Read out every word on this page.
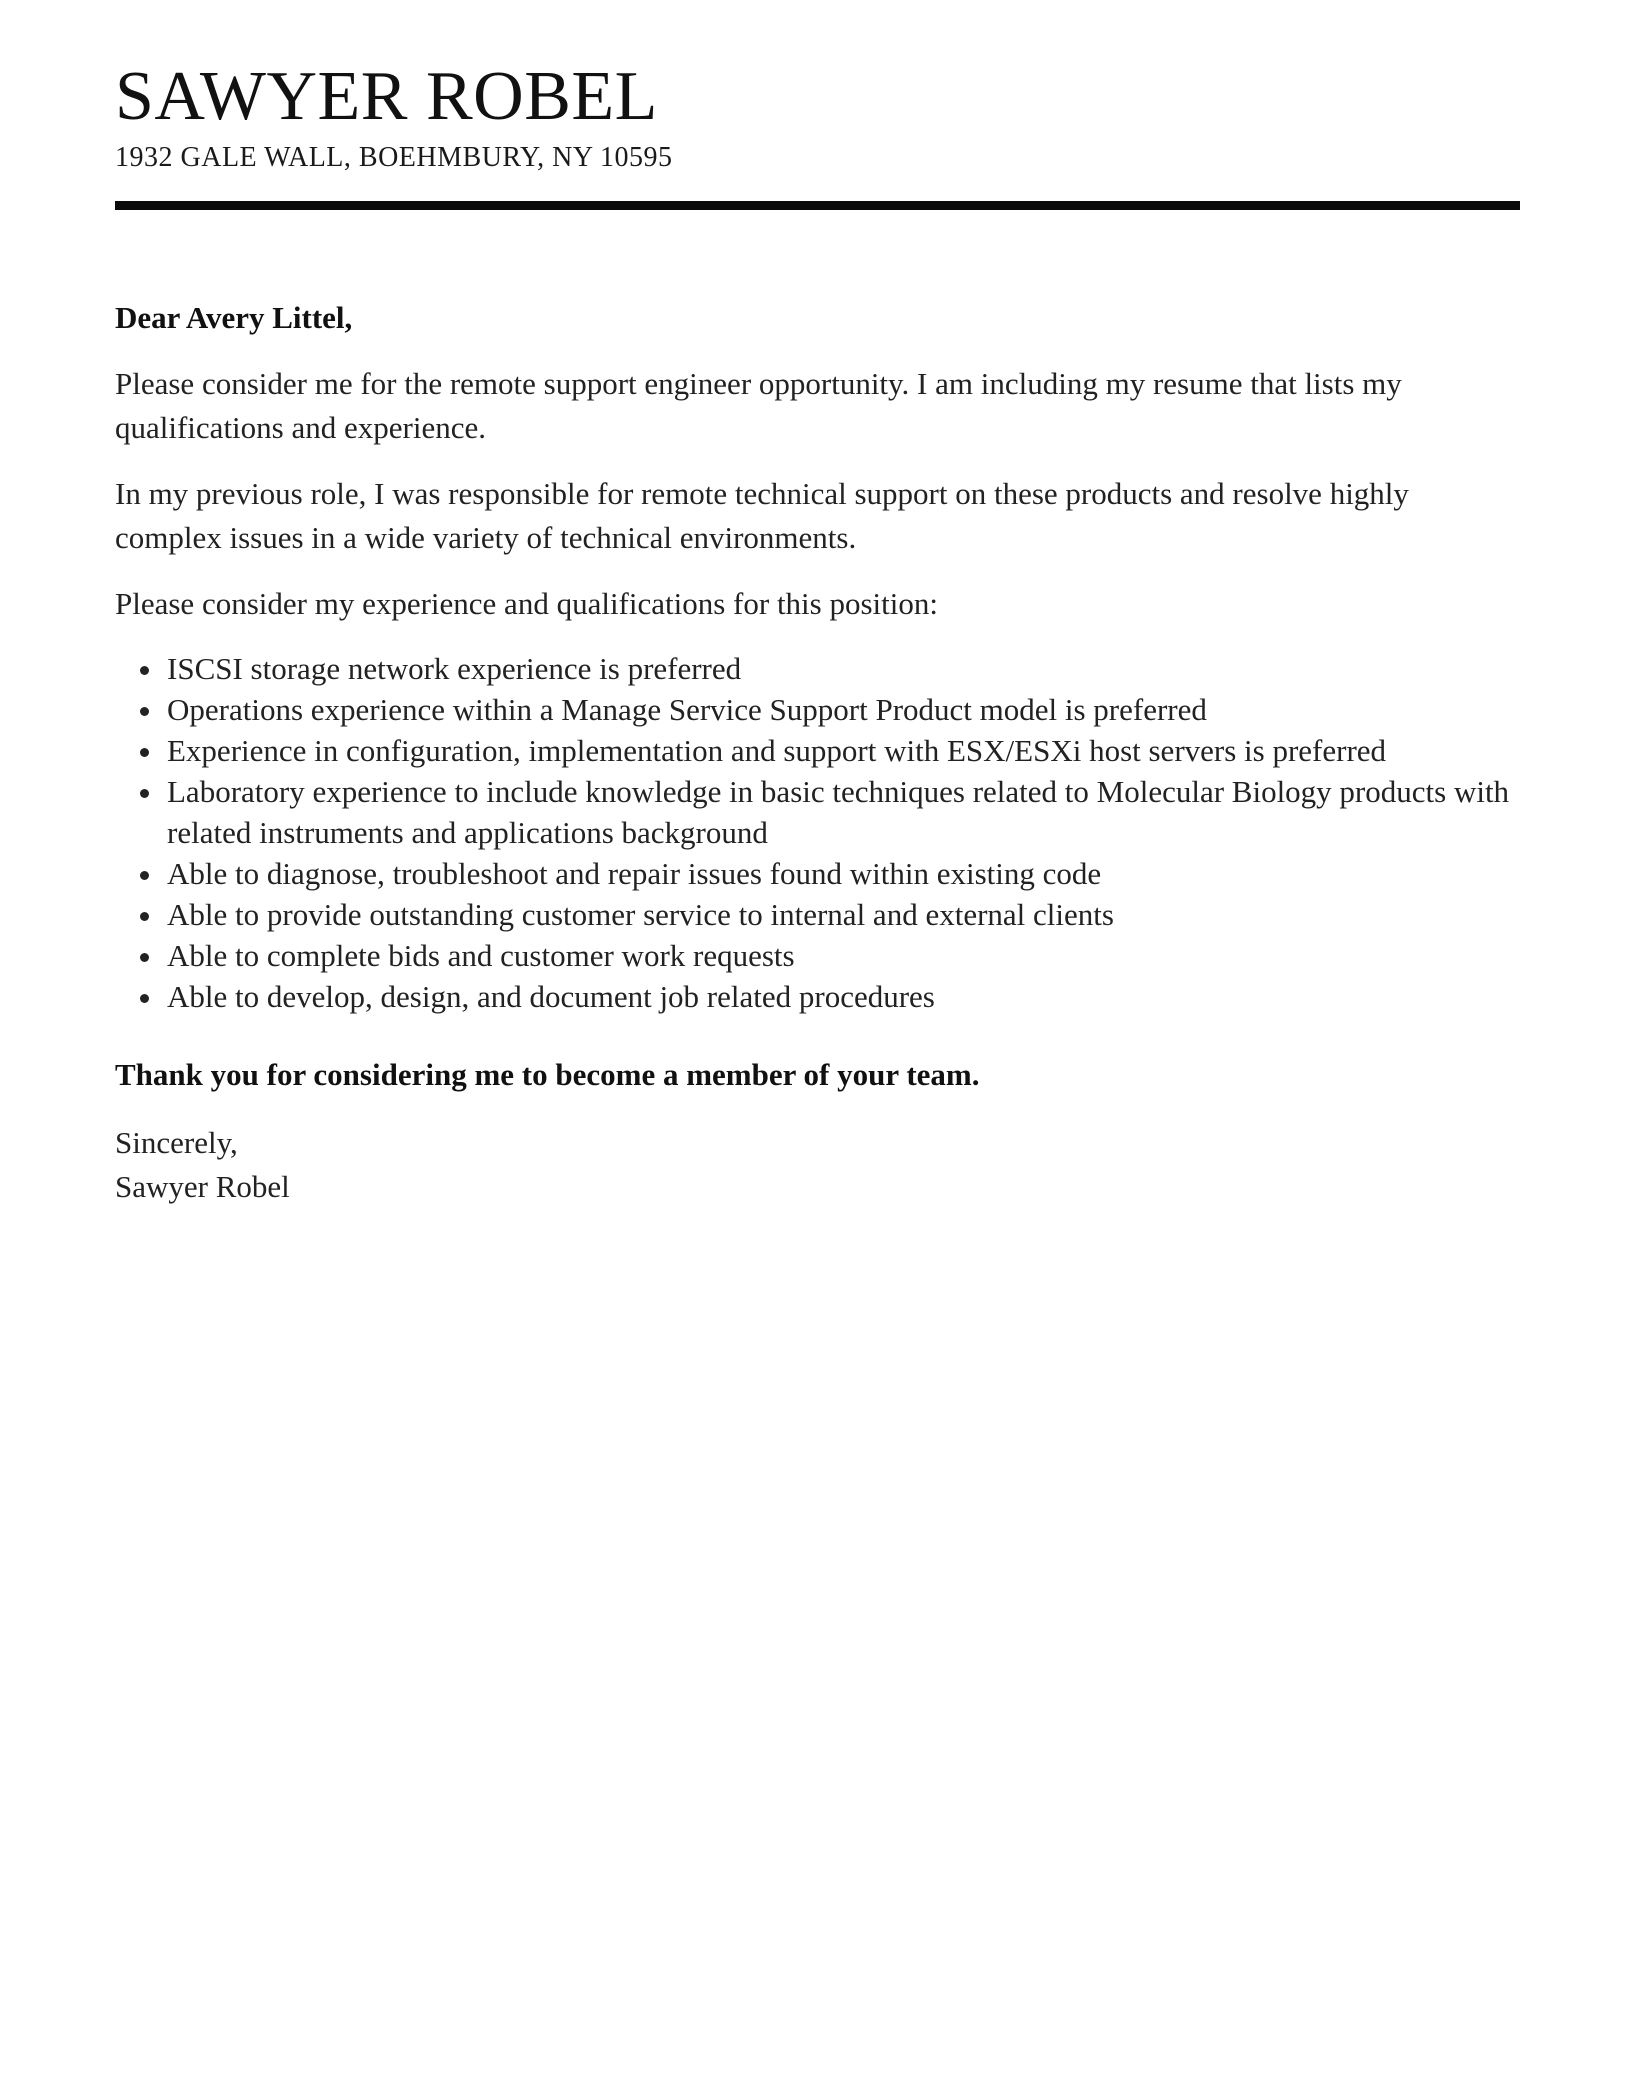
SAWYER ROBEL
1932 GALE WALL, BOEHMBURY, NY 10595

Dear Avery Littel,

Please consider me for the remote support engineer opportunity. I am including my resume that lists my qualifications and experience.

In my previous role, I was responsible for remote technical support on these products and resolve highly complex issues in a wide variety of technical environments.

Please consider my experience and qualifications for this position:

• ISCSI storage network experience is preferred
• Operations experience within a Manage Service Support Product model is preferred
• Experience in configuration, implementation and support with ESX/ESXi host servers is preferred
• Laboratory experience to include knowledge in basic techniques related to Molecular Biology products with related instruments and applications background
• Able to diagnose, troubleshoot and repair issues found within existing code
• Able to provide outstanding customer service to internal and external clients
• Able to complete bids and customer work requests
• Able to develop, design, and document job related procedures

Thank you for considering me to become a member of your team.

Sincerely,

Sawyer Robel
